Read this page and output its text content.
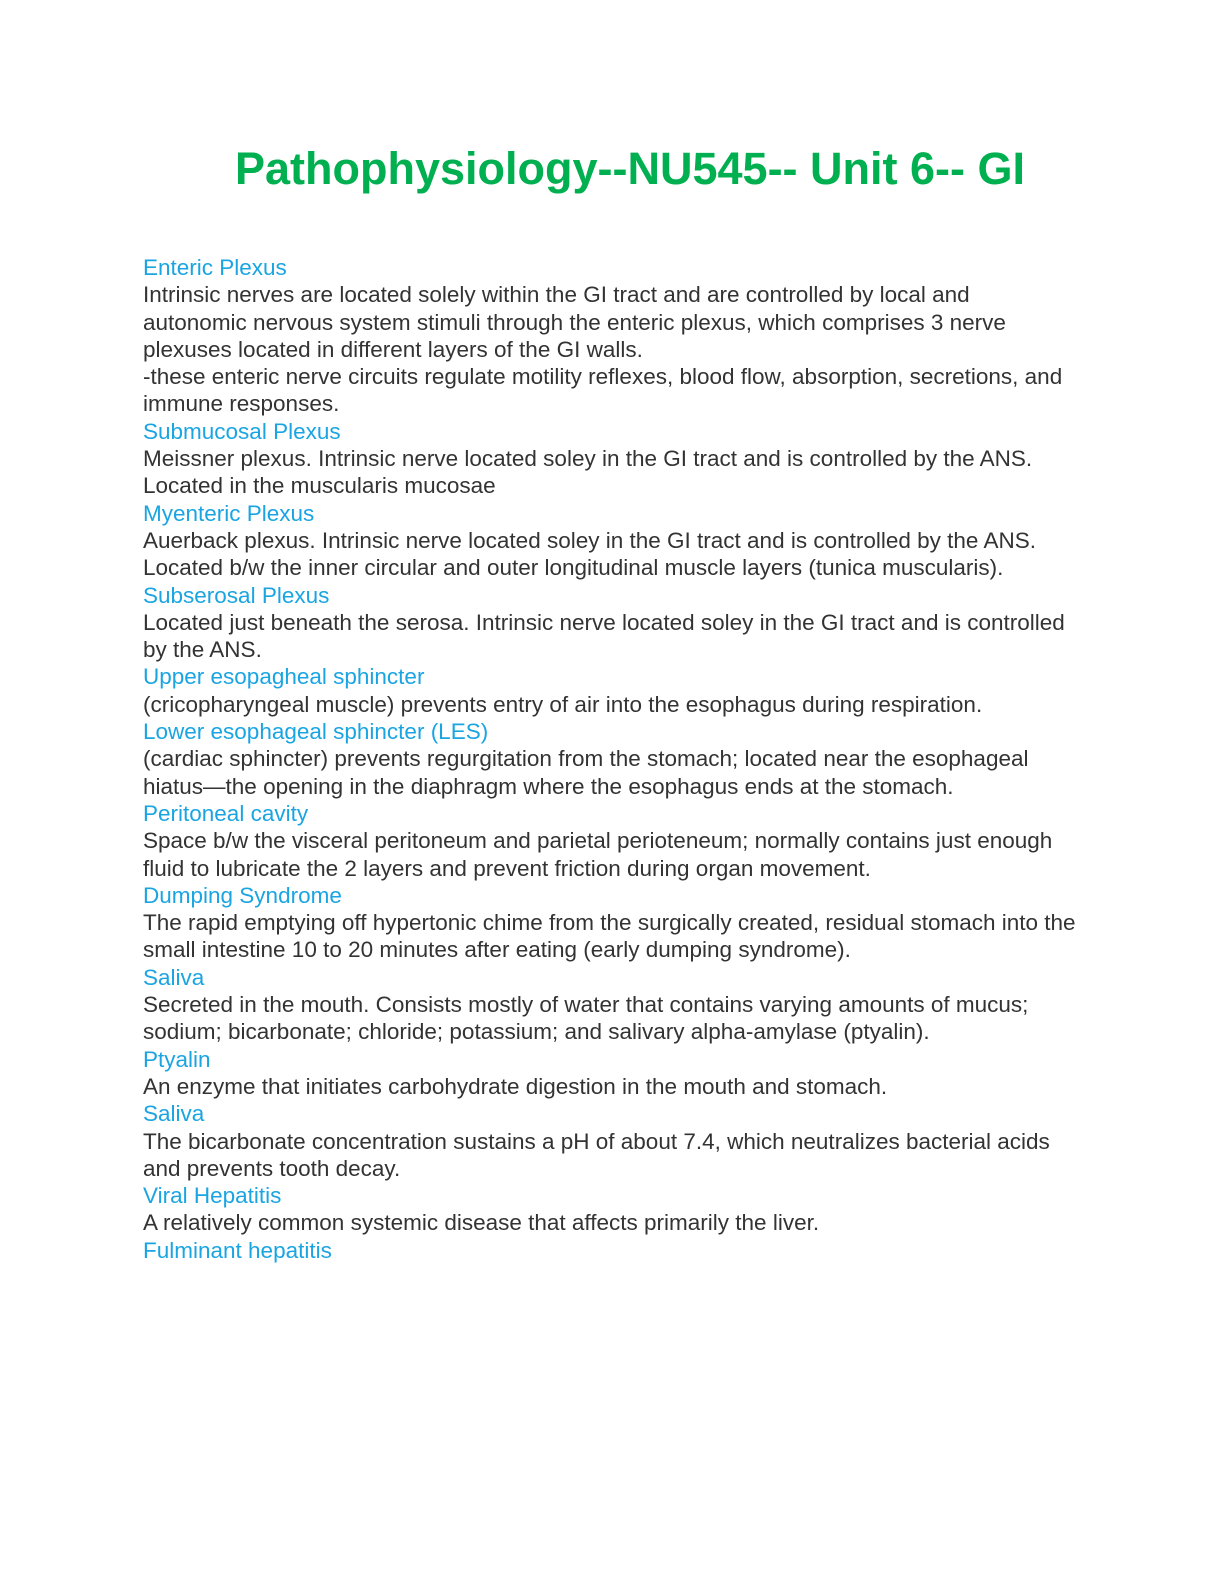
Pathophysiology--NU545-- Unit 6-- GI

Enteric Plexus

Intrinsic nerves are located solely within the GI tract and are controlled by local and autonomic nervous system stimuli through the enteric plexus, which comprises 3 nerve plexuses located in different layers of the GI walls.

-these enteric nerve circuits regulate motility reflexes, blood flow, absorption, secretions, and immune responses.

Submucosal Plexus

Meissner plexus. Intrinsic nerve located soley in the GI tract and is controlled by the ANS. Located in the muscularis mucosae

Myenteric Plexus

Auerback plexus. Intrinsic nerve located soley in the GI tract and is controlled by the ANS. Located b/w the inner circular and outer longitudinal muscle layers (tunica muscularis).

Subserosal Plexus

Located just beneath the serosa. Intrinsic nerve located soley in the GI tract and is controlled by the ANS.

Upper esopagheal sphincter

(cricopharyngeal muscle) prevents entry of air into the esophagus during respiration.

Lower esophageal sphincter (LES)

(cardiac sphincter) prevents regurgitation from the stomach; located near the esophageal hiatus—the opening in the diaphragm where the esophagus ends at the stomach.

Peritoneal cavity

Space b/w the visceral peritoneum and parietal perioteneum; normally contains just enough fluid to lubricate the 2 layers and prevent friction during organ movement.

Dumping Syndrome

The rapid emptying off hypertonic chime from the surgically created, residual stomach into the small intestine 10 to 20 minutes after eating (early dumping syndrome).

Saliva

Secreted in the mouth. Consists mostly of water that contains varying amounts of mucus; sodium; bicarbonate; chloride; potassium; and salivary alpha-amylase (ptyalin).

Ptyalin

An enzyme that initiates carbohydrate digestion in the mouth and stomach.

Saliva

The bicarbonate concentration sustains a pH of about 7.4, which neutralizes bacterial acids and prevents tooth decay.

Viral Hepatitis

A relatively common systemic disease that affects primarily the liver.

Fulminant hepatitis
